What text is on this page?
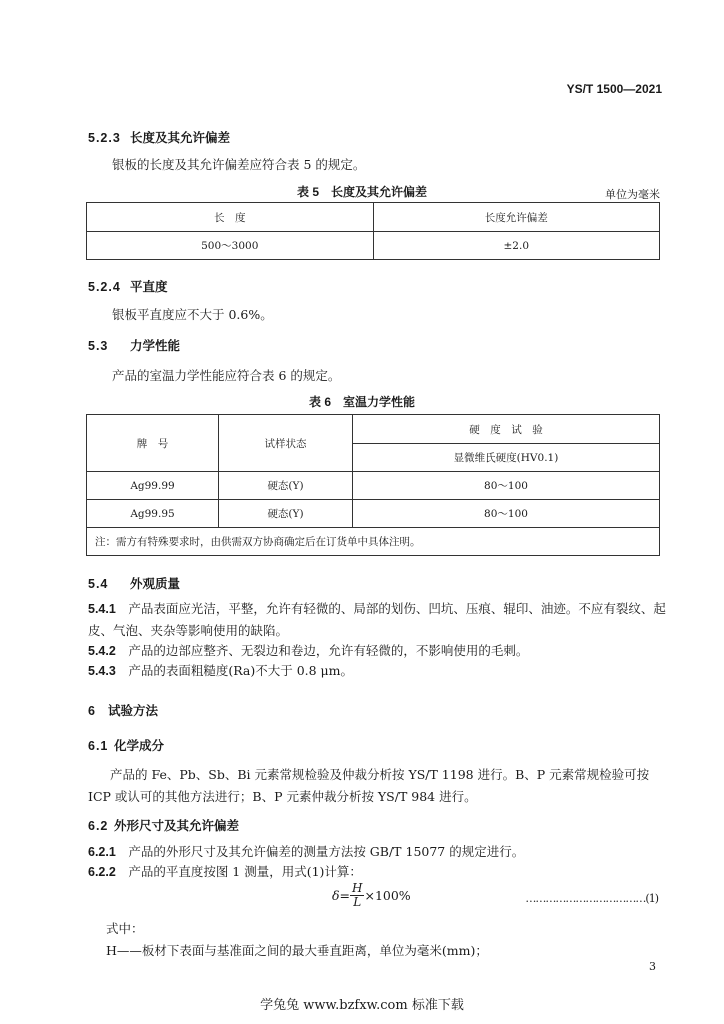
YS/T 1500—2021
5.2.3 长度及其允许偏差
银板的长度及其允许偏差应符合表 5 的规定。
表 5　长度及其允许偏差	单位为毫米
长　度	长度允许偏差
500～3000	±2.0
5.2.4 平直度
银板平直度应不大于 0.6%。
5.3 力学性能
产品的室温力学性能应符合表 6 的规定。
表 6　室温力学性能
牌　号	试样状态	硬　度　试　验
		显微维氏硬度(HV0.1)
Ag99.99	硬态(Y)	80～100
Ag99.95	硬态(Y)	80～100
注：需方有特殊要求时，由供需双方协商确定后在订货单中具体注明。		
5.4 外观质量
5.4.1　 产品表面应光洁，平整，允许有轻微的、局部的划伤、凹坑、压痕、辊印、油迹。不应有裂纹、起皮、气泡、夹杂等影响使用的缺陷。
5.4.2　 产品的边部应整齐、无裂边和卷边，允许有轻微的，不影响使用的毛刺。
5.4.3　 产品的表面粗糙度(Ra)不大于 0.8 μm。
6 试验方法
6.1 化学成分
产品的 Fe、Pb、Sb、Bi 元素常规检验及仲裁分析按 YS/T 1198 进行。B、P 元素常规检验可按 ICP 或认可的其他方法进行；B、P 元素仲裁分析按 YS/T 984 进行。
6.2 外形尺寸及其允许偏差
6.2.1　 产品的外形尺寸及其允许偏差的测量方法按 GB/T 15077 的规定进行。
6.2.2　 产品的平直度按图 1 测量，用式(1)计算：
$\delta= \frac{H}{L} \times 100\%$	………………………………(1)
式中：
H——板材下表面与基准面之间的最大垂直距离，单位为毫米(mm)；
3
学兔兔 www.bzfxw.com 标准下载
